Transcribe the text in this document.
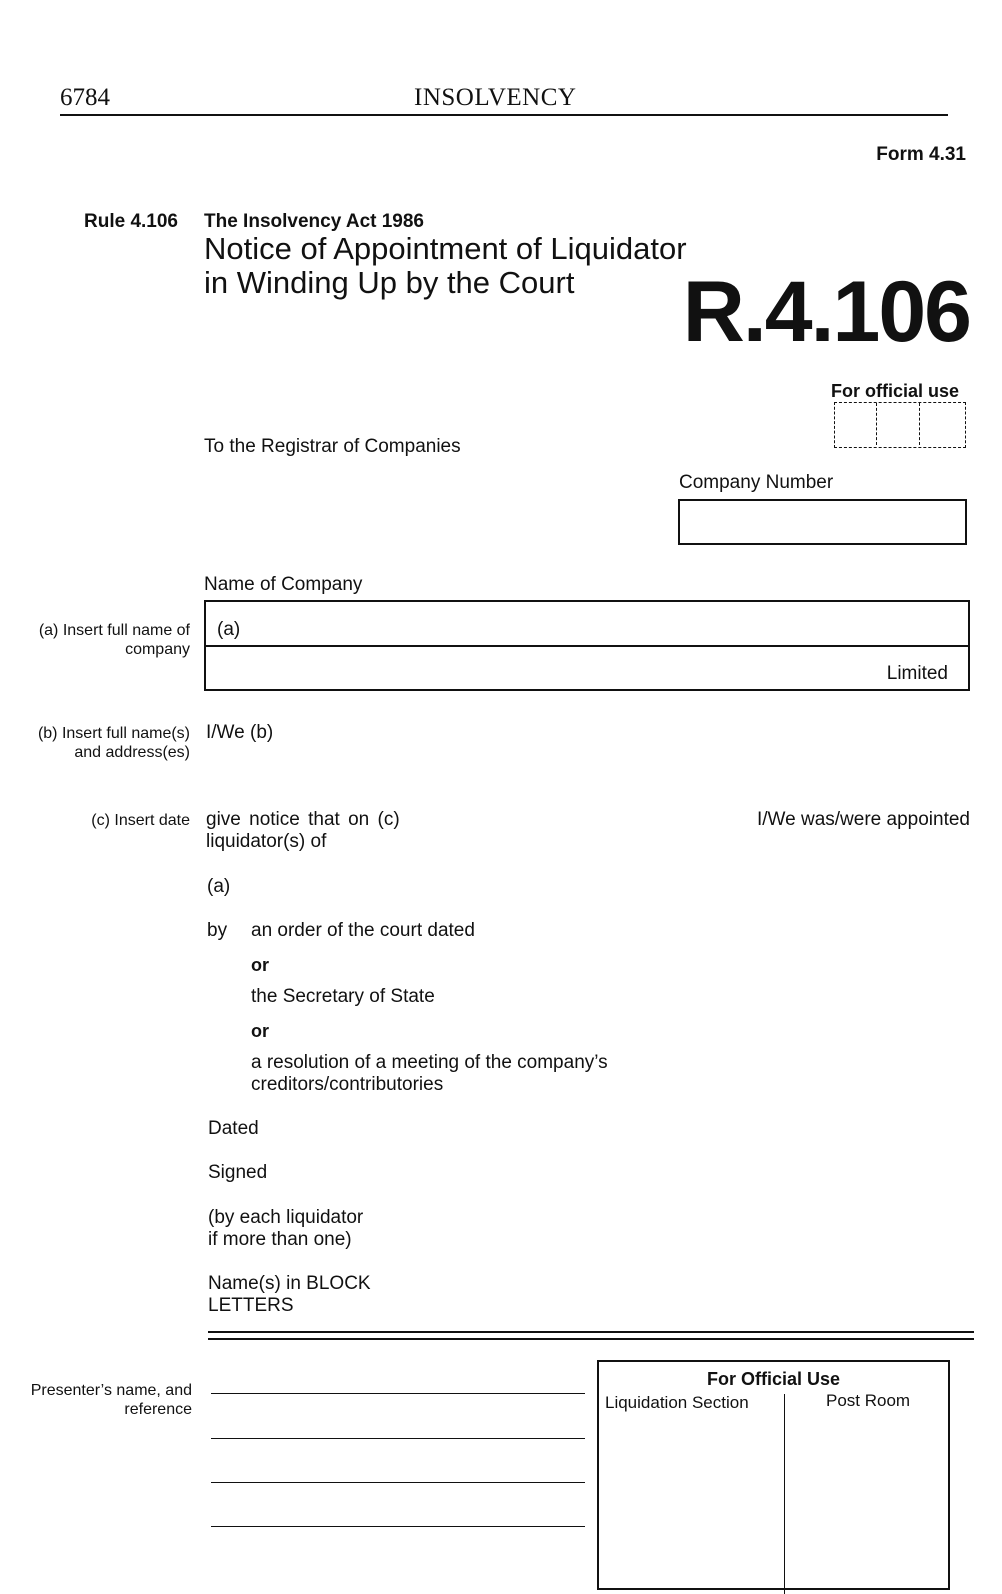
6784	INSOLVENCY
Form 4.31
Rule 4.106 The Insolvency Act 1986
Notice of Appointment of Liquidator
in Winding Up by the Court R.4.106
For official use
To the Registrar of Companies
Company Number
Name of Company
(a) Insert full name of
company
(a)
Limited
(b) Insert full name(s)
and address(es)
I/We (b)
(c) Insert date give notice that on (c)	I/We was/were appointed
liquidator(s) of
(a)
by an order of the court dated
or
the Secretary of State
or
a resolution of a meeting of the company’s
creditors/contributories
Dated
Signed
(by each liquidator
if more than one)
Name(s) in BLOCK
LETTERS
Presenter’s name, and
reference
For Official Use
Liquidation Section	Post Room
